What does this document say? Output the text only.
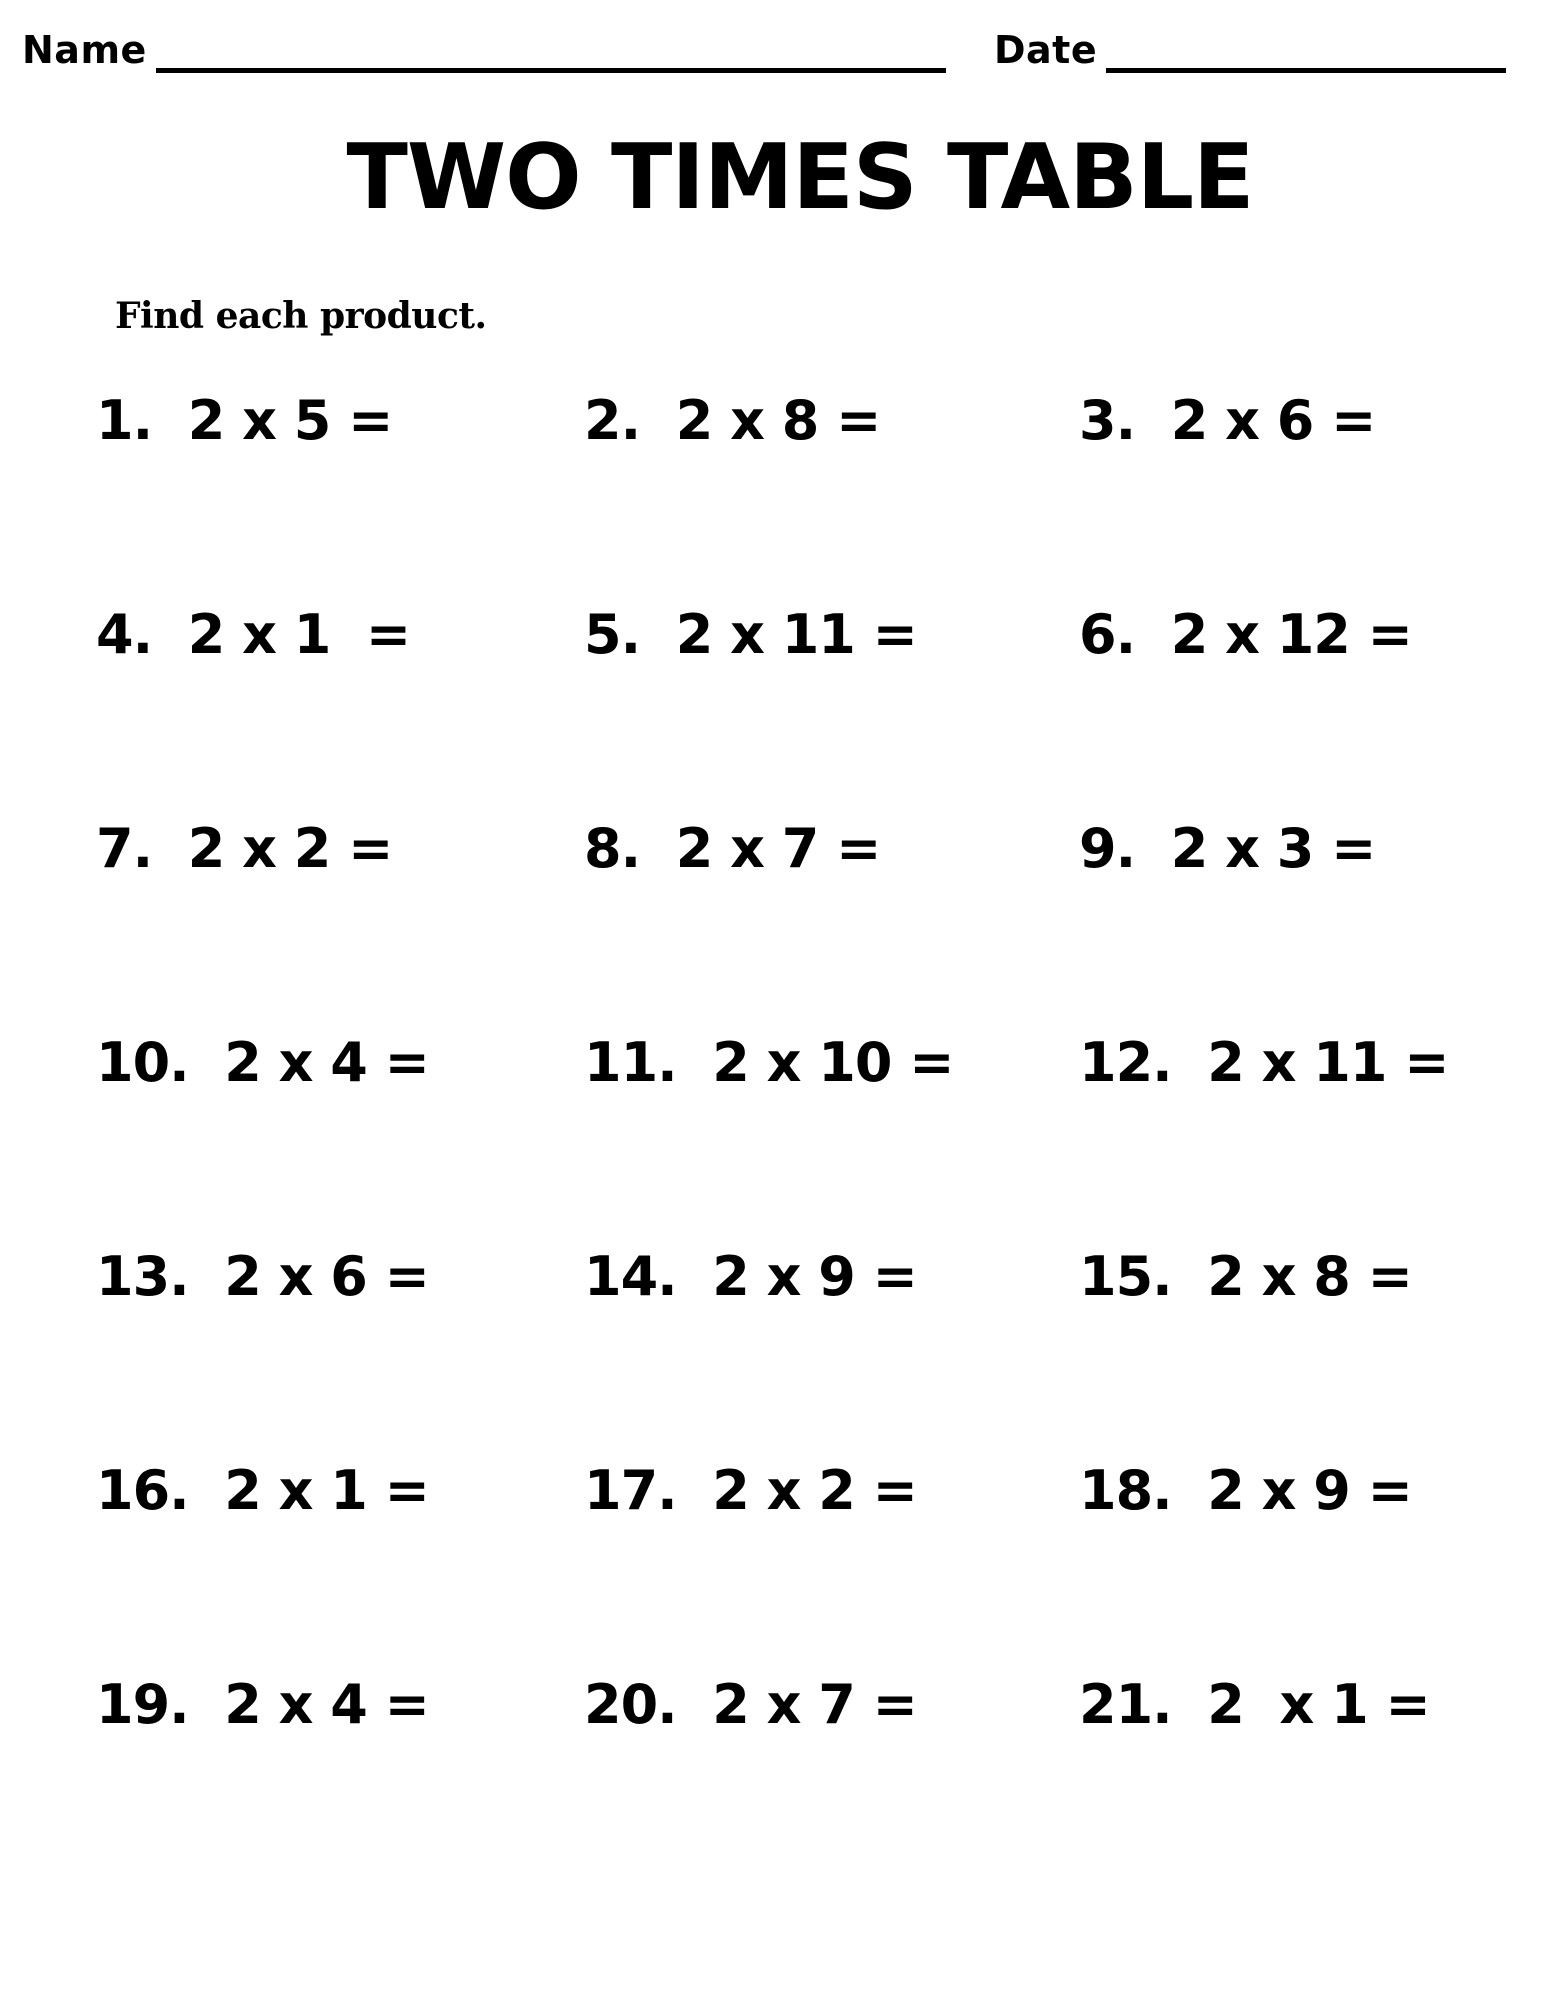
Name	Date
TWO TIMES TABLE
Find each product.
1. 2 x 5 =	2. 2 x 8 =	3. 2 x 6 =
4. 2 x 1  =	5. 2 x 11 =	6. 2 x 12 =
7. 2 x 2 =	8. 2 x 7 =	9. 2 x 3 =
10. 2 x 4 =	11. 2 x 10 =	12. 2 x 11 =
13. 2 x 6 =	14. 2 x 9 =	15. 2 x 8 =
16. 2 x 1 =	17. 2 x 2 =	18. 2 x 9 =
19. 2 x 4 =	20. 2 x 7 =	21. 2  x 1 =
